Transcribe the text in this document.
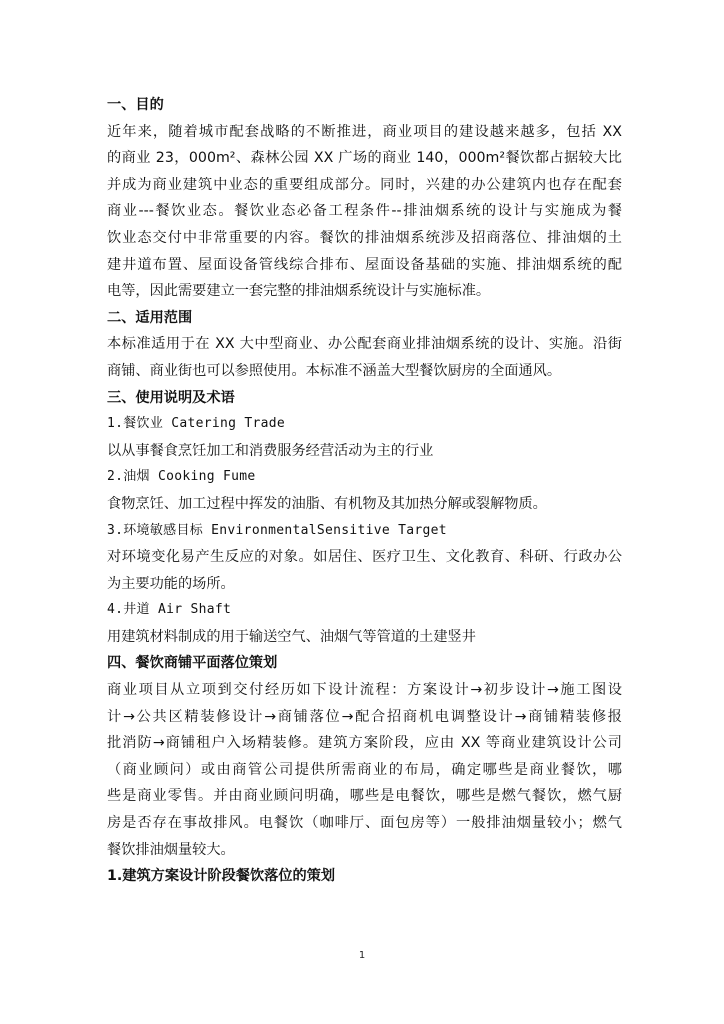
一、目的
近年来，随着城市配套战略的不断推进，商业项目的建设越来越多，包括 XX
的商业 23，000m²、森林公园 XX 广场的商业 140，000m²餐饮都占据较大比
并成为商业建筑中业态的重要组成部分。同时，兴建的办公建筑内也存在配套
商业---餐饮业态。餐饮业态必备工程条件--排油烟系统的设计与实施成为餐
饮业态交付中非常重要的内容。餐饮的排油烟系统涉及招商落位、排油烟的土
建井道布置、屋面设备管线综合排布、屋面设备基础的实施、排油烟系统的配
电等，因此需要建立一套完整的排油烟系统设计与实施标准。
二、适用范围
本标准适用于在 XX 大中型商业、办公配套商业排油烟系统的设计、实施。沿街
商铺、商业街也可以参照使用。本标准不涵盖大型餐饮厨房的全面通风。
三、使用说明及术语
1.餐饮业 Catering Trade
以从事餐食烹饪加工和消费服务经营活动为主的行业
2.油烟 Cooking Fume
食物烹饪、加工过程中挥发的油脂、有机物及其加热分解或裂解物质。
3.环境敏感目标 EnvironmentalSensitive Target
对环境变化易产生反应的对象。如居住、医疗卫生、文化教育、科研、行政办公
为主要功能的场所。
4.井道 Air Shaft
用建筑材料制成的用于输送空气、油烟气等管道的土建竖井
四、餐饮商铺平面落位策划
商业项目从立项到交付经历如下设计流程：方案设计→初步设计→施工图设
计→公共区精装修设计→商铺落位→配合招商机电调整设计→商铺精装修报
批消防→商铺租户入场精装修。建筑方案阶段，应由 XX 等商业建筑设计公司
（商业顾问）或由商管公司提供所需商业的布局，确定哪些是商业餐饮，哪
些是商业零售。并由商业顾问明确，哪些是电餐饮，哪些是燃气餐饮，燃气厨
房是否存在事故排风。电餐饮（咖啡厅、面包房等）一般排油烟量较小；燃气
餐饮排油烟量较大。
1.建筑方案设计阶段餐饮落位的策划
1
